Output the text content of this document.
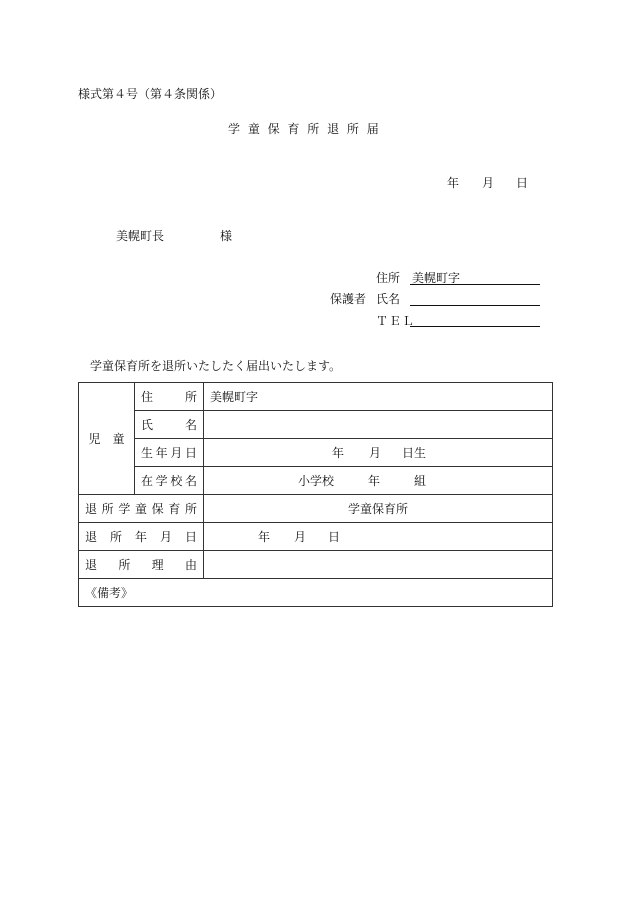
様式第４号（第４条関係）
学 童 保 育 所 退 所 届
年 月 日
美幌町長	様
住所 美幌町字
保護者 氏名
ＴＥＬ
学童保育所を退所いたしたく届出いたします。
児　童	住　　所	美幌町字
	氏　　名	
	生年月日	年 月 日生

	在学校名	小学校 年 組

退所学童保育所		学童保育所
退所年月日		年 月 日

退所理由		
《備考》		
